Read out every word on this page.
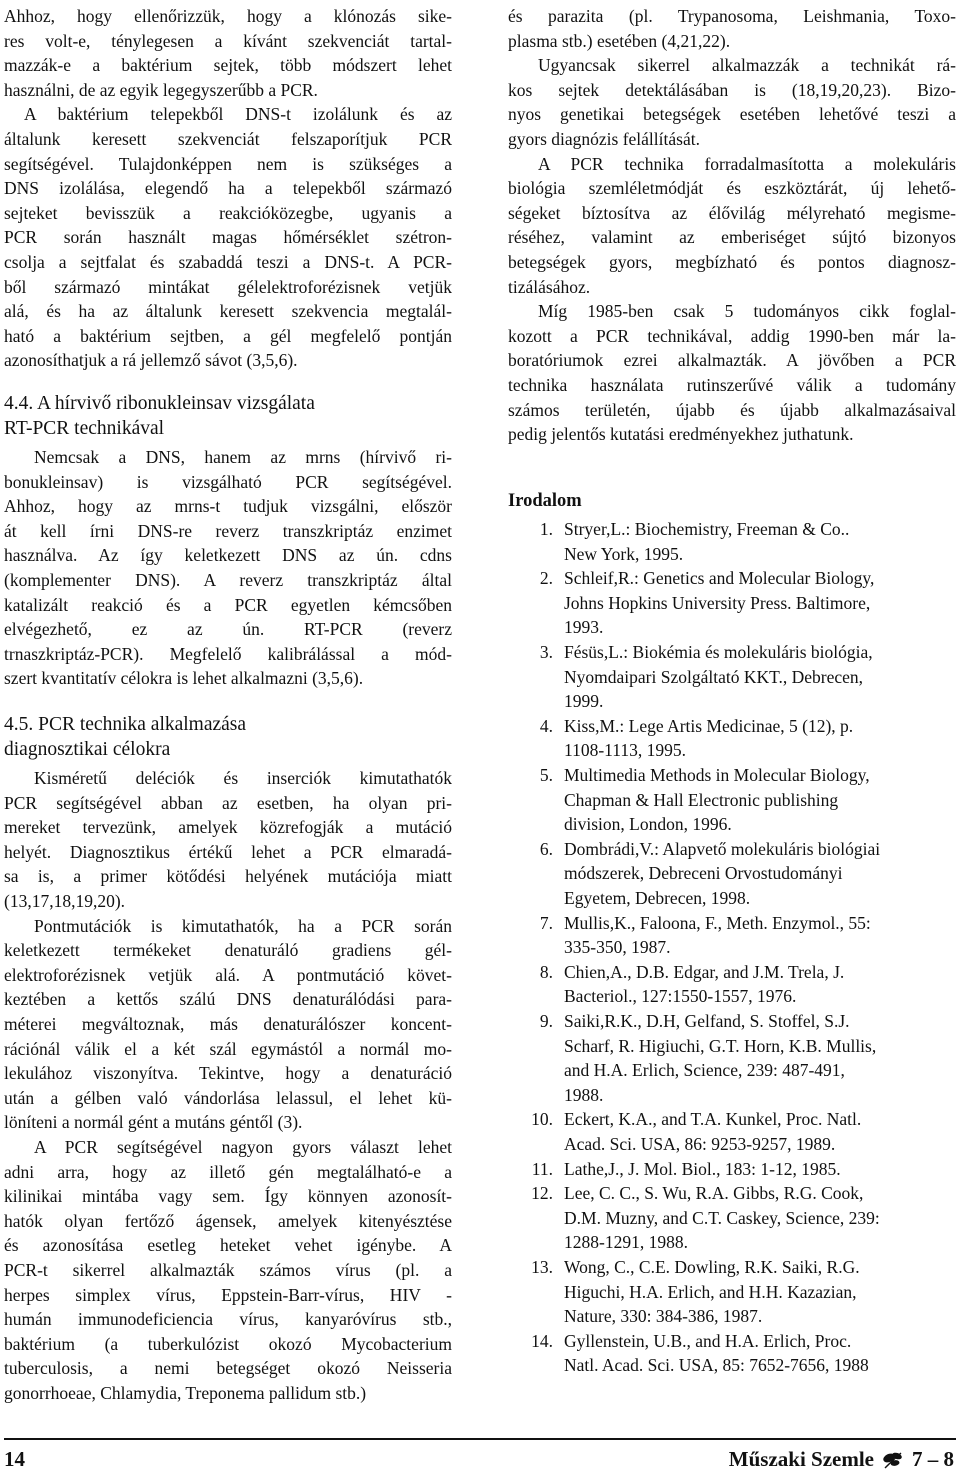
Ahhoz, hogy ellenőrizzük, hogy a klónozás sike-
res volt-e, ténylegesen a kívánt szekvenciát tartal-
mazzák-e a baktérium sejtek, több módszert lehet
használni, de az egyik legegyszerűbb a PCR.
A baktérium telepekből DNS-t izolálunk és az
általunk keresett szekvenciát felszaporítjuk PCR
segítségével. Tulajdonképpen nem is szükséges a
DNS izolálása, elegendő ha a telepekből származó
sejteket bevisszük a reakcióközegbe, ugyanis a
PCR során használt magas hőmérséklet szétron-
csolja a sejtfalat és szabaddá teszi a DNS-t. A PCR-
ből származó mintákat gélelektroforézisnek vetjük
alá, és ha az általunk keresett szekvencia megtalál-
ható a baktérium sejtben, a gél megfelelő pontján
azonosíthatjuk a rá jellemző sávot (3,5,6).
4.4. A hírvivő ribonukleinsav vizsgálata
RT-PCR technikával
Nemcsak a DNS, hanem az mrns (hírvivő ri-
bonukleinsav) is vizsgálható PCR segítségével.
Ahhoz, hogy az mrns-t tudjuk vizsgálni, először
át kell írni DNS-re reverz transzkriptáz enzimet
használva. Az így keletkezett DNS az ún. cdns
(komplementer DNS). A reverz transzkriptáz által
katalizált reakció és a PCR egyetlen kémcsőben
elvégezhető, ez az ún. RT-PCR (reverz
trnaszkriptáz-PCR). Megfelelő kalibrálással a mód-
szert kvantitatív célokra is lehet alkalmazni (3,5,6).
4.5. PCR technika alkalmazása
diagnosztikai célokra
Kisméretű deléciók és inserciók kimutathatók
PCR segítségével abban az esetben, ha olyan pri-
mereket tervezünk, amelyek közrefogják a mutáció
helyét. Diagnosztikus értékű lehet a PCR elmaradá-
sa is, a primer kötődési helyének mutációja miatt
(13,17,18,19,20).
Pontmutációk is kimutathatók, ha a PCR során
keletkezett termékeket denaturáló gradiens gél-
elektroforézisnek vetjük alá. A pontmutáció követ-
keztében a kettős szálú DNS denaturálódási para-
méterei megváltoznak, más denaturálószer koncent-
rációnál válik el a két szál egymástól a normál mo-
lekulához viszonyítva. Tekintve, hogy a denaturáció
után a gélben való vándorlása lelassul, el lehet kü-
löníteni a normál gént a mutáns géntől (3).
A PCR segítségével nagyon gyors választ lehet
adni arra, hogy az illető gén megtalálható-e a
kilinikai mintába vagy sem. Így könnyen azonosít-
hatók olyan fertőző ágensek, amelyek kitenyésztése
és azonosítása esetleg heteket vehet igénybe. A
PCR-t sikerrel alkalmazták számos vírus (pl. a
herpes simplex vírus, Eppstein-Barr-vírus, HIV -
humán immunodeficiencia vírus, kanyaróvírus stb.,
baktérium (a tuberkulózist okozó Mycobacterium
tuberculosis, a nemi betegséget okozó Neisseria
gonorrhoeae, Chlamydia, Treponema pallidum stb.)
és parazita (pl. Trypanosoma, Leishmania, Toxo-
plasma stb.) esetében (4,21,22).
Ugyancsak sikerrel alkalmazzák a technikát rá-
kos sejtek detektálásában is (18,19,20,23). Bizo-
nyos genetikai betegségek esetében lehetővé teszi a
gyors diagnózis felállítását.
A PCR technika forradalmasította a molekuláris
biológia szemléletmódját és eszköztárát, új lehető-
ségeket bíztosítva az élővilág mélyreható megisme-
réséhez, valamint az emberiséget sújtó bizonyos
betegségek gyors, megbízható és pontos diagnosz-
tizálásához.
Míg 1985-ben csak 5 tudományos cikk foglal-
kozott a PCR technikával, addig 1990-ben már la-
boratóriumok ezrei alkalmazták. A jövőben a PCR
technika használata rutinszerűvé válik a tudomány
számos területén, újabb és újabb alkalmazásaival
pedig jelentős kutatási eredményekhez juthatunk.
Irodalom
1. Stryer,L.: Biochemistry, Freeman & Co..
New York, 1995.
2. Schleif,R.: Genetics and Molecular Biology,
Johns Hopkins University Press. Baltimore,
1993.
3. Fésüs,L.: Biokémia és molekuláris biológia,
Nyomdaipari Szolgáltató KKT., Debrecen,
1999.
4. Kiss,M.: Lege Artis Medicinae, 5 (12), p.
1108-1113, 1995.
5. Multimedia Methods in Molecular Biology,
Chapman & Hall Electronic publishing
division, London, 1996.
6. Dombrádi,V.: Alapvető molekuláris biológiai
módszerek, Debreceni Orvostudományi
Egyetem, Debrecen, 1998.
7. Mullis,K., Faloona, F., Meth. Enzymol., 55:
335-350, 1987.
8. Chien,A., D.B. Edgar, and J.M. Trela, J.
Bacteriol., 127:1550-1557, 1976.
9. Saiki,R.K., D.H, Gelfand, S. Stoffel, S.J.
Scharf, R. Higiuchi, G.T. Horn, K.B. Mullis,
and H.A. Erlich, Science, 239: 487-491,
1988.
10. Eckert, K.A., and T.A. Kunkel, Proc. Natl.
Acad. Sci. USA, 86: 9253-9257, 1989.
11. Lathe,J., J. Mol. Biol., 183: 1-12, 1985.
12. Lee, C. C., S. Wu, R.A. Gibbs, R.G. Cook,
D.M. Muzny, and C.T. Caskey, Science, 239:
1288-1291, 1988.
13. Wong, C., C.E. Dowling, R.K. Saiki, R.G.
Higuchi, H.A. Erlich, and H.H. Kazazian,
Nature, 330: 384-386, 1987.
14. Gyllenstein, U.B., and H.A. Erlich, Proc.
Natl. Acad. Sci. USA, 85: 7652-7656, 1988
14	Műszaki Szemle 7 – 8
